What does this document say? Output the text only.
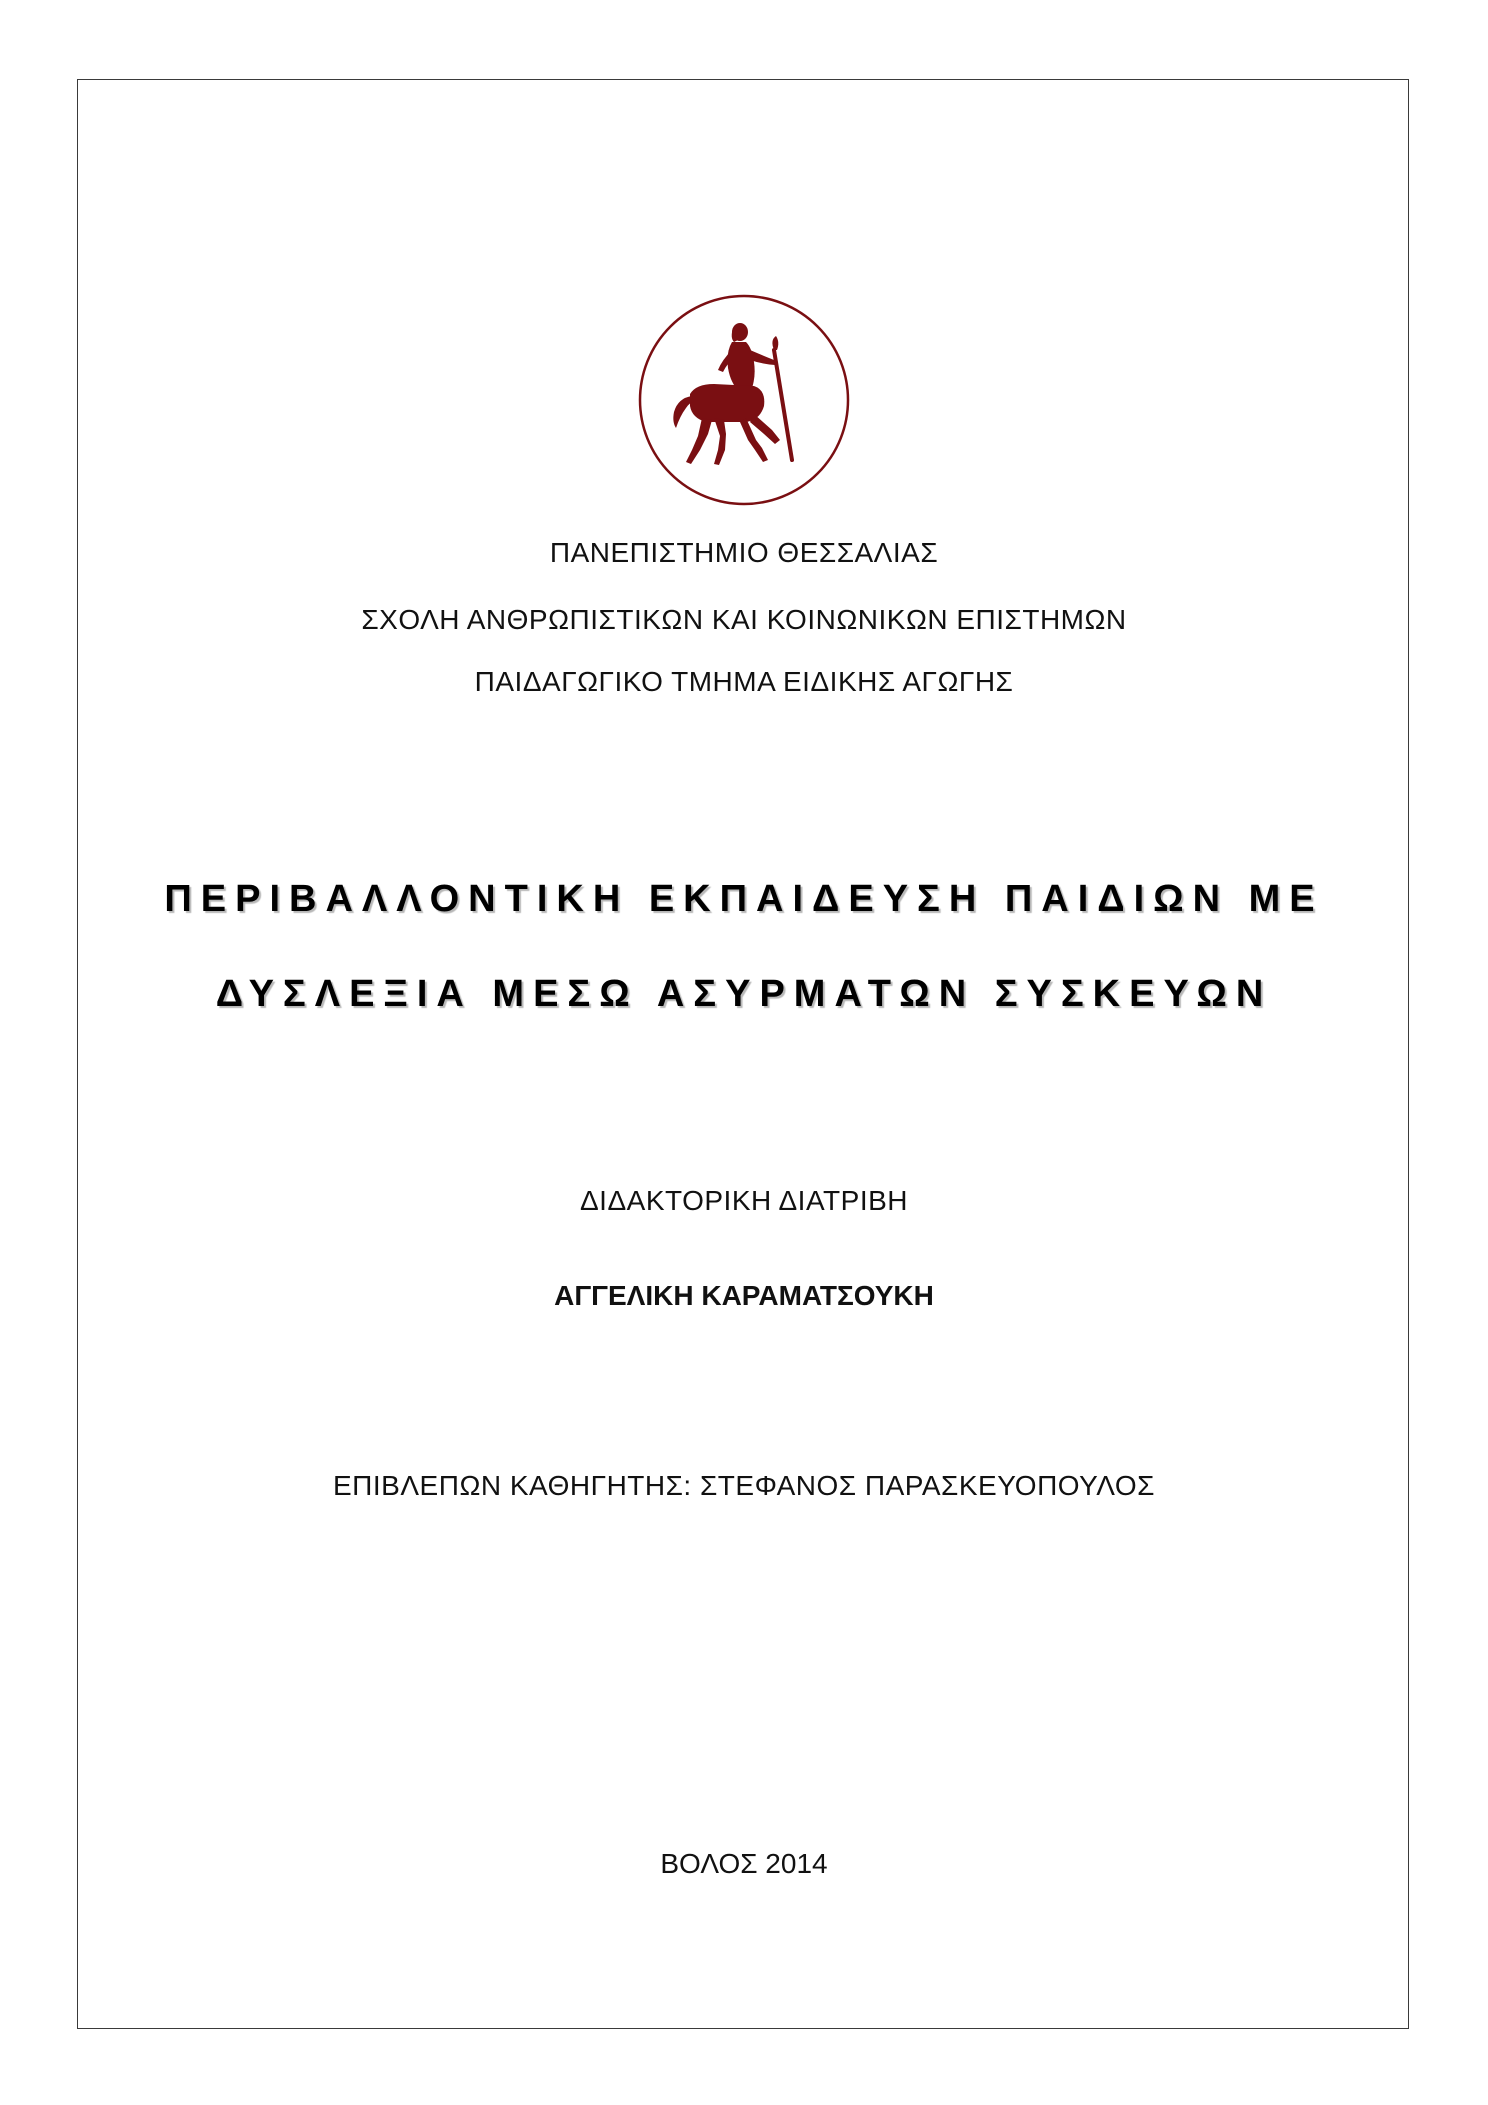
ΠΑΝΕΠΙΣΤΗΜΙΟ ΘΕΣΣΑΛΙΑΣ
ΣΧΟΛΗ ΑΝΘΡΩΠΙΣΤΙΚΩΝ ΚΑΙ ΚΟΙΝΩΝΙΚΩΝ ΕΠΙΣΤΗΜΩΝ
ΠΑΙΔΑΓΩΓΙΚΟ ΤΜΗΜΑ ΕΙΔΙΚΗΣ ΑΓΩΓΗΣ
ΠΕΡΙΒΑΛΛΟΝΤΙΚΗ ΕΚΠΑΙΔΕΥΣΗ ΠΑΙΔΙΩΝ ΜΕ
ΔΥΣΛΕΞΙΑ ΜΕΣΩ ΑΣΥΡΜΑΤΩΝ ΣΥΣΚΕΥΩΝ
ΔΙΔΑΚΤΟΡΙΚΗ ΔΙΑΤΡΙΒΗ
ΑΓΓΕΛΙΚΗ ΚΑΡΑΜΑΤΣΟΥΚΗ
ΕΠΙΒΛΕΠΩΝ ΚΑΘΗΓΗΤΗΣ: ΣΤΕΦΑΝΟΣ ΠΑΡΑΣΚΕΥΟΠΟΥΛΟΣ
ΒΟΛΟΣ 2014
